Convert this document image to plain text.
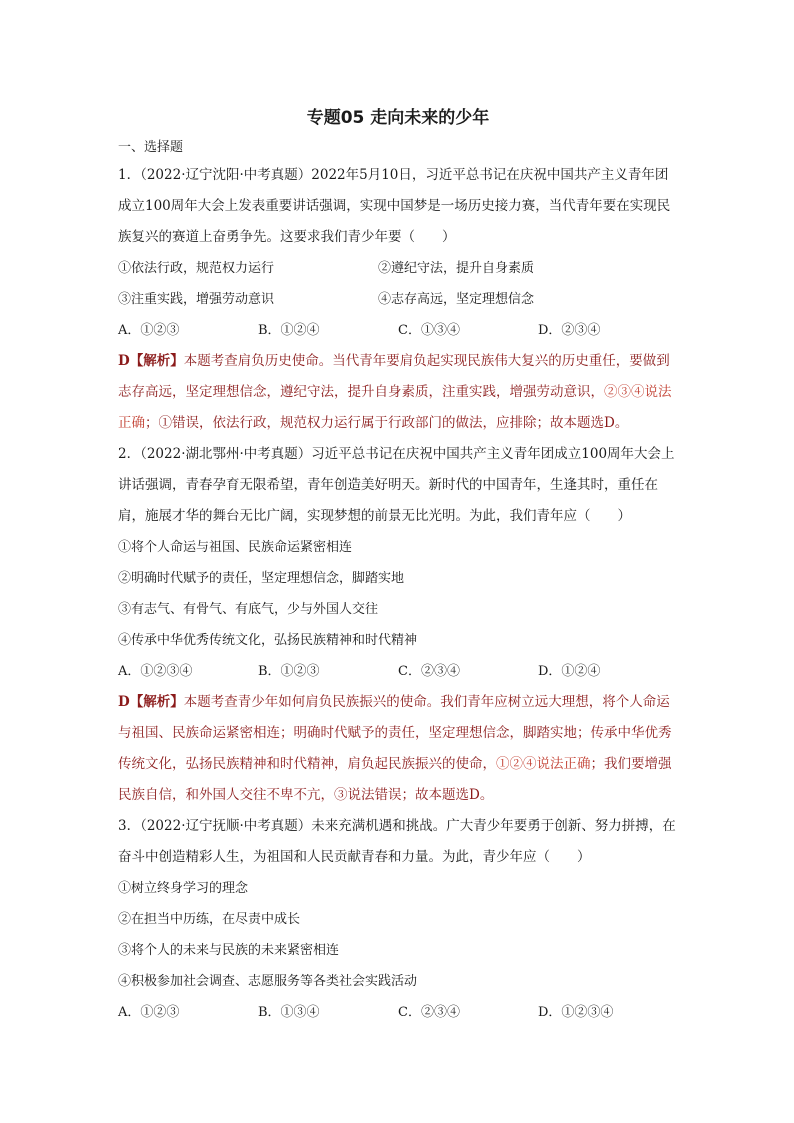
专题05 走向未来的少年
一、选择题

1．（2022·辽宁沈阳·中考真题）2022年5月10日，习近平总书记在庆祝中国共产主义青年团成立100周年大会上发表重要讲话强调，实现中国梦是一场历史接力赛，当代青年要在实现民族复兴的赛道上奋勇争先。这要求我们青少年要（　　）

①依法行政，规范权力运行	②遵纪守法，提升自身素质
③注重实践，增强劳动意识	④志存高远，坚定理想信念
A．①②③	B．①②④	C．①③④	D．②③④

D【解析】本题考查肩负历史使命。当代青年要肩负起实现民族伟大复兴的历史重任，要做到志存高远，坚定理想信念，遵纪守法，提升自身素质，注重实践，增强劳动意识，②③④说法正确；①错误，依法行政，规范权力运行属于行政部门的做法，应排除；故本题选D。

2．（2022·湖北鄂州·中考真题）习近平总书记在庆祝中国共产主义青年团成立100周年大会上讲话强调，青春孕育无限希望，青年创造美好明天。新时代的中国青年，生逢其时，重任在肩，施展才华的舞台无比广阔，实现梦想的前景无比光明。为此，我们青年应（　　）

①将个人命运与祖国、民族命运紧密相连
②明确时代赋予的责任，坚定理想信念，脚踏实地
③有志气、有骨气、有底气，少与外国人交往
④传承中华优秀传统文化，弘扬民族精神和时代精神
A．①②③④	B．①②③	C．②③④	D．①②④

D【解析】本题考查青少年如何肩负民族振兴的使命。我们青年应树立远大理想，将个人命运与祖国、民族命运紧密相连；明确时代赋予的责任，坚定理想信念，脚踏实地；传承中华优秀传统文化，弘扬民族精神和时代精神，肩负起民族振兴的使命，①②④说法正确；我们要增强民族自信，和外国人交往不卑不亢，③说法错误；故本题选D。

3．（2022·辽宁抚顺·中考真题）未来充满机遇和挑战。广大青少年要勇于创新、努力拼搏，在奋斗中创造精彩人生，为祖国和人民贡献青春和力量。为此，青少年应（　　）

①树立终身学习的理念
②在担当中历练，在尽责中成长
③将个人的未来与民族的未来紧密相连
④积极参加社会调查、志愿服务等各类社会实践活动
A．①②③	B．①③④	C．②③④	D．①②③④
